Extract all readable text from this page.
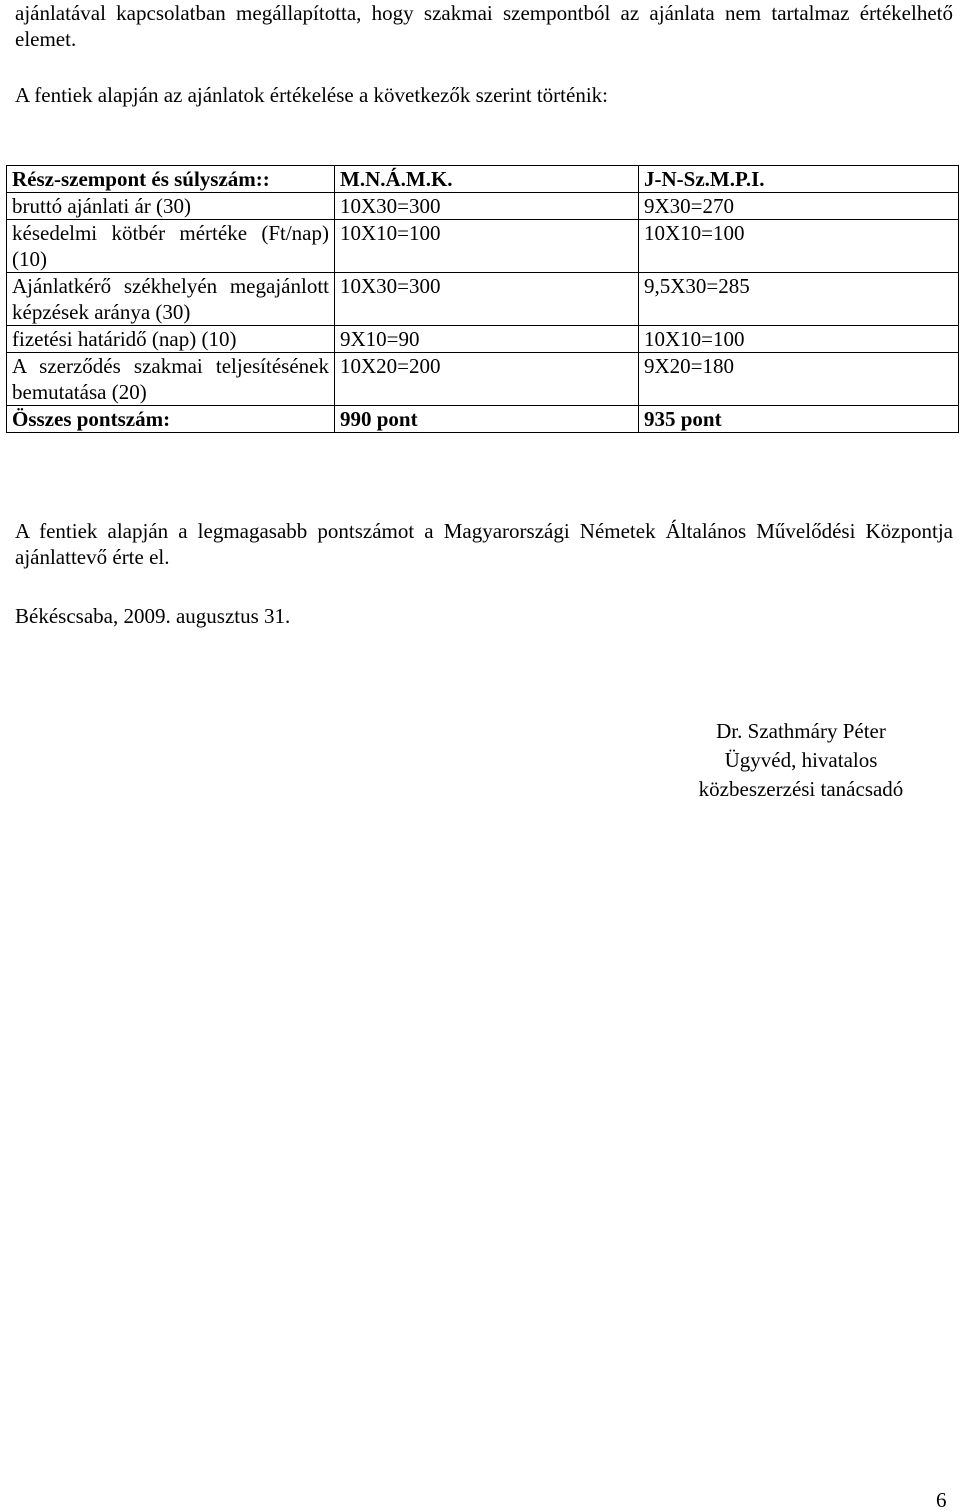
ajánlatával kapcsolatban megállapította, hogy szakmai szempontból az ajánlata nem tartalmaz értékelhető elemet.

A fentiek alapján az ajánlatok értékelése a következők szerint történik:

Rész-szempont és súlyszám::	M.N.Á.M.K.	J-N-Sz.M.P.I.
bruttó ajánlati ár (30)	10X30=300	9X30=270
késedelmi kötbér mértéke (Ft/nap) (10)	10X10=100	10X10=100
Ajánlatkérő székhelyén megajánlott képzések aránya (30)	10X30=300	9,5X30=285
fizetési határidő (nap) (10)	9X10=90	10X10=100
A szerződés szakmai teljesítésének bemutatása (20)	10X20=200	9X20=180
Összes pontszám:	990 pont	935 pont

A fentiek alapján a legmagasabb pontszámot a Magyarországi Németek Általános Művelődési Központja ajánlattevő érte el.

Békéscsaba, 2009. augusztus 31.

Dr. Szathmáry Péter
Ügyvéd, hivatalos
közbeszerzési tanácsadó
6
